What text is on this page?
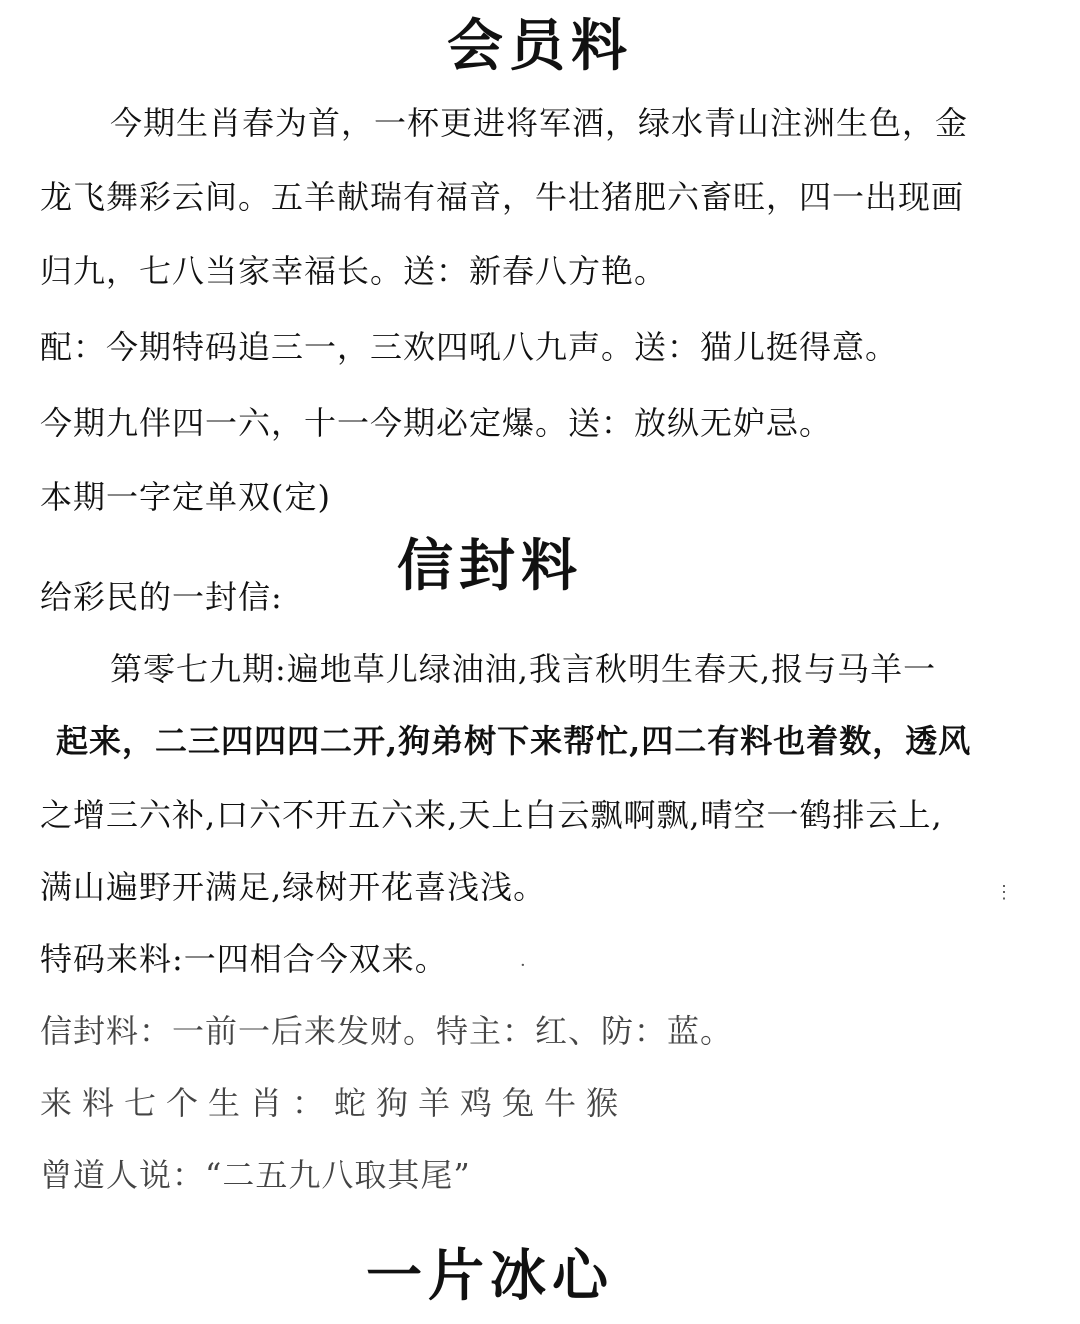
会员料
今期生肖春为首，一杯更进将军酒，绿水青山注洲生色，金
龙飞舞彩云间。五羊献瑞有福音，牛壮猪肥六畜旺，四一出现画
归九，七八当家幸福长。送：新春八方艳。
配：今期特码追三一，三欢四吼八九声。送：猫儿挺得意。
今期九伴四一六，十一今期必定爆。送：放纵无妒忌。
本期一字定单双(定)
信封料
给彩民的一封信:
第零七九期:遍地草儿绿油油,我言秋明生春天,报与马羊一
起来，二三四四四二开,狗弟树下来帮忙,四二有料也着数，透风
之增三六补,口六不开五六来,天上白云飘啊飘,晴空一鹤排云上,
满山遍野开满足,绿树开花喜浅浅。
特码来料:一四相合今双来。
信封料：一前一后来发财。特主：红、防：蓝。
来料七个生肖：蛇狗羊鸡兔牛猴
曾道人说：“二五九八取其尾”
一片冰心
⋮
·
